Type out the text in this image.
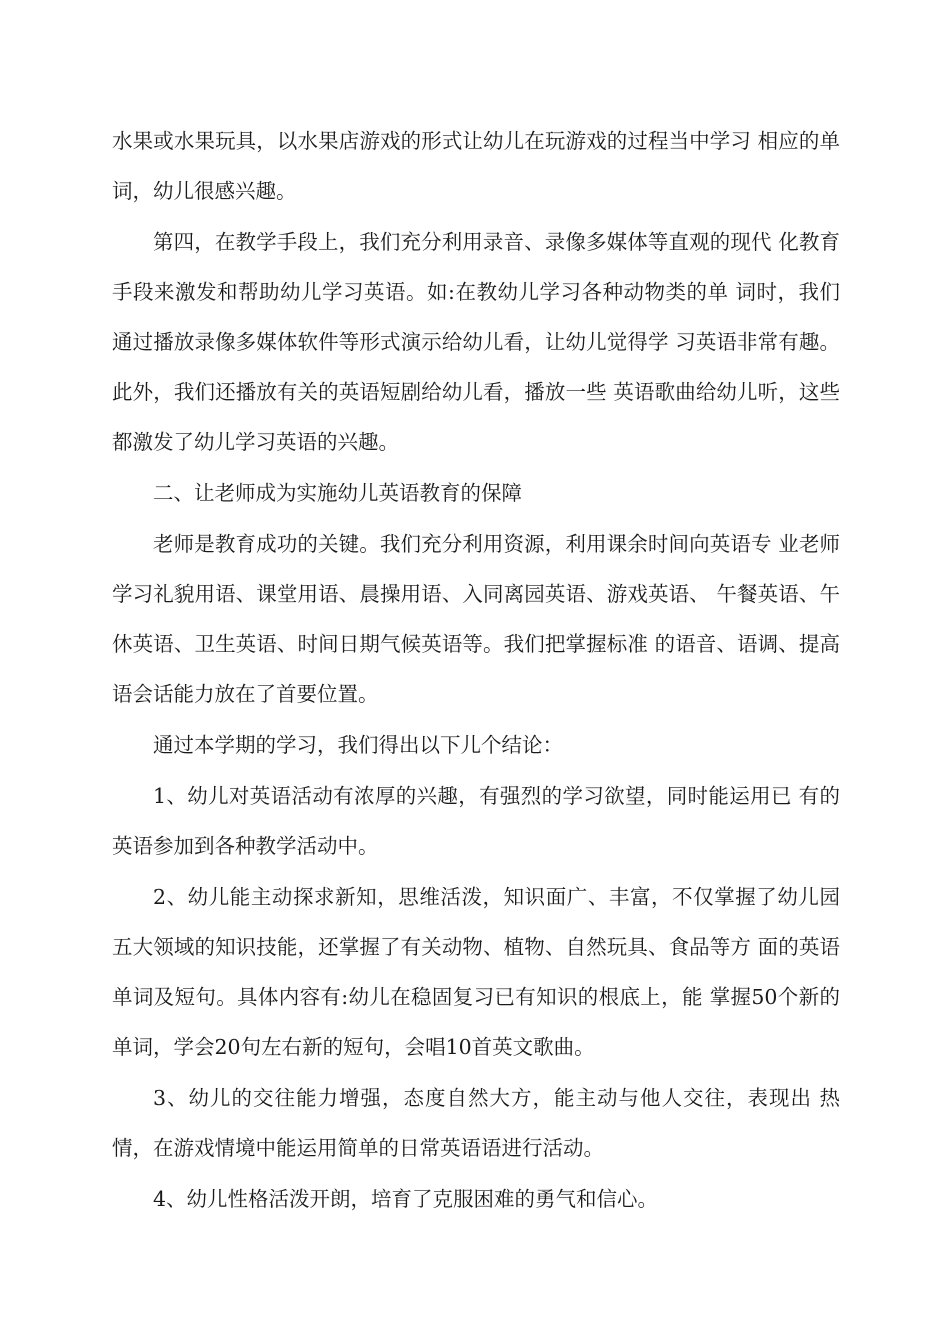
水果或水果玩具，以水果店游戏的形式让幼儿在玩游戏的过程当中学习 相应的单词，幼儿很感兴趣。

第四，在教学手段上，我们充分利用录音、录像多媒体等直观的现代 化教育手段来激发和帮助幼儿学习英语。如:在教幼儿学习各种动物类的单 词时，我们通过播放录像多媒体软件等形式演示给幼儿看，让幼儿觉得学 习英语非常有趣。此外，我们还播放有关的英语短剧给幼儿看，播放一些 英语歌曲给幼儿听，这些都激发了幼儿学习英语的兴趣。

二、让老师成为实施幼儿英语教育的保障

老师是教育成功的关键。我们充分利用资源，利用课余时间向英语专 业老师学习礼貌用语、课堂用语、晨操用语、入同离园英语、游戏英语、 午餐英语、午休英语、卫生英语、时间日期气候英语等。我们把掌握标准 的语音、语调、提高语会话能力放在了首要位置。

通过本学期的学习，我们得出以下儿个结论：

1、幼儿对英语活动有浓厚的兴趣，有强烈的学习欲望，同时能运用已 有的英语参加到各种教学活动中。

2、幼儿能主动探求新知，思维活泼，知识面广、丰富，不仅掌握了幼儿园五大领域的知识技能，还掌握了有关动物、植物、自然玩具、食品等方 面的英语单词及短句。具体内容有:幼儿在稳固复习已有知识的根底上，能 掌握50个新的单词，学会20句左右新的短句，会唱10首英文歌曲。

3、幼儿的交往能力增强，态度自然大方，能主动与他人交往，表现出 热情，在游戏情境中能运用简单的日常英语语进行活动。

4、幼儿性格活泼开朗，培育了克服困难的勇气和信心。
